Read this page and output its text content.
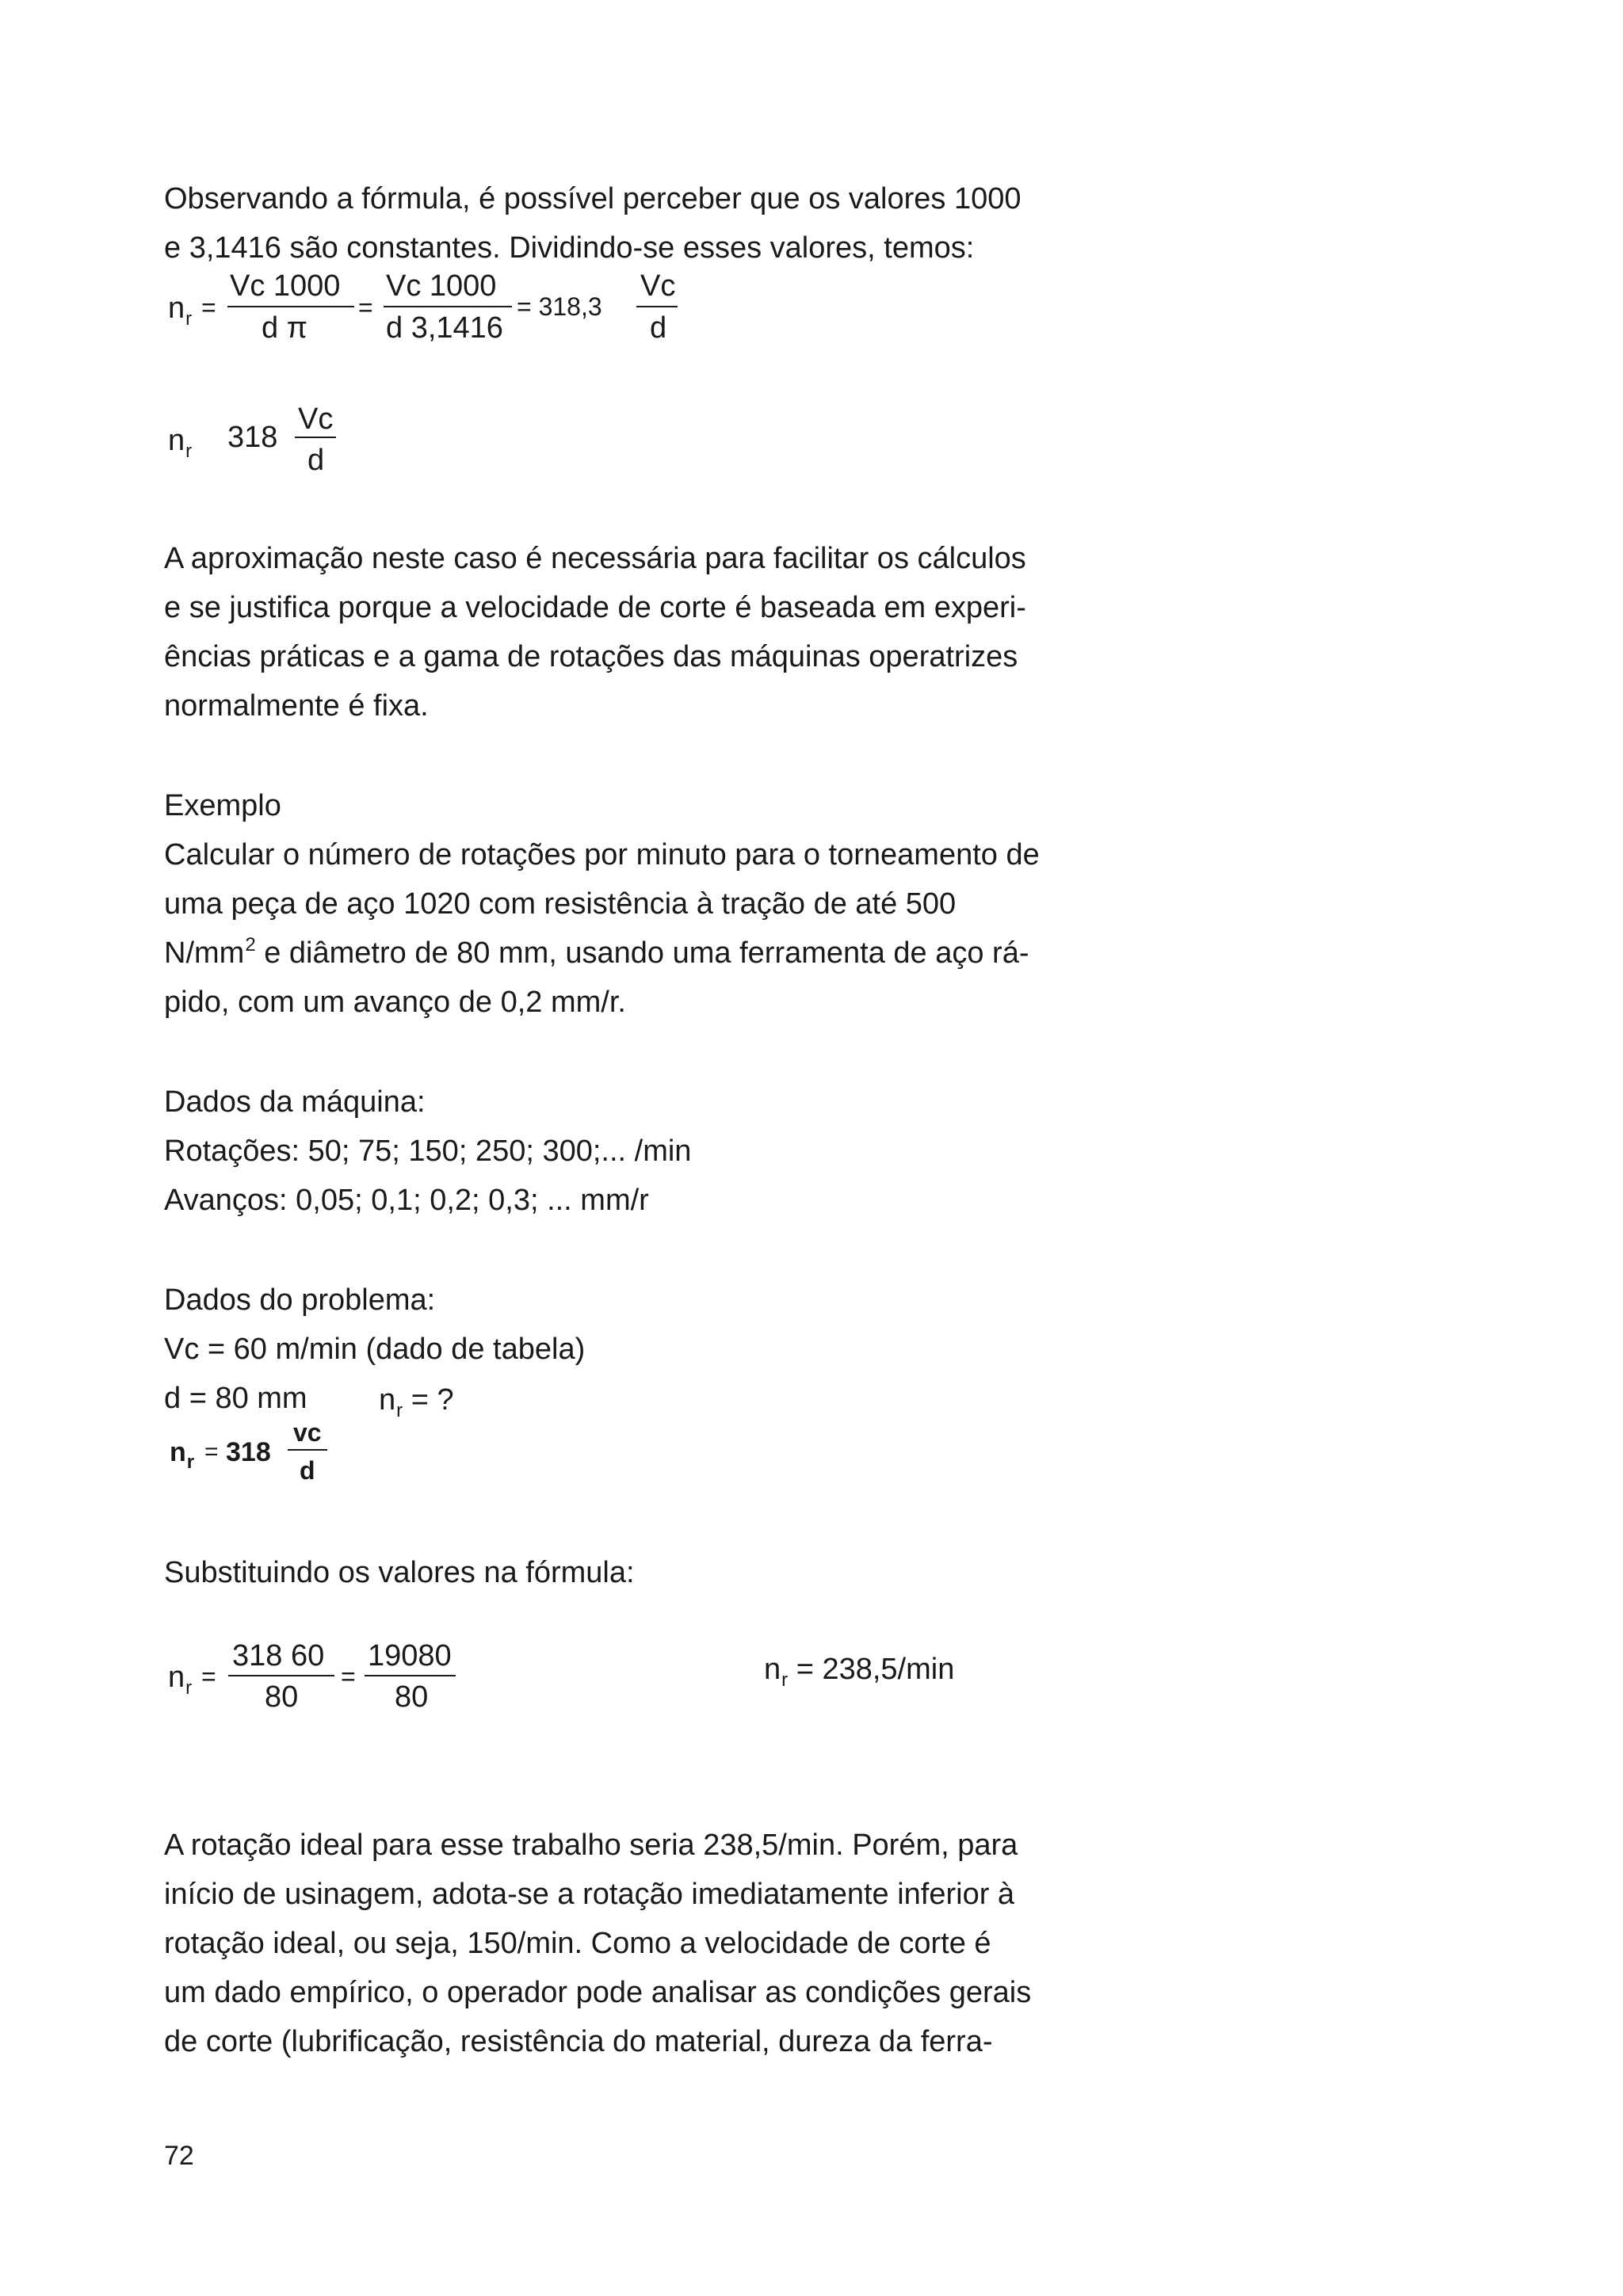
Observando a fórmula, é possível perceber que os valores 1000
e 3,1416 são constantes. Dividindo-se esses valores, temos:
$n_r$ =
Vc 1000
d π
=
Vc 1000
d 3,1416
= 318,3
Vc
d
$n_r$ 318
Vc
d
A aproximação neste caso é necessária para facilitar os cálculos
e se justifica porque a velocidade de corte é baseada em experi-
ências práticas e a gama de rotações das máquinas operatrizes
normalmente é fixa.
Exemplo
Calcular o número de rotações por minuto para o torneamento de
uma peça de aço 1020 com resistência à tração de até 500
$N/mm^2$ e diâmetro de 80 mm, usando uma ferramenta de aço rá-
pido, com um avanço de 0,2 mm/r.
Dados da máquina:
Rotações: 50; 75; 150; 250; 300;... /min
Avanços: 0,05; 0,1; 0,2; 0,3; ... mm/r
Dados do problema:
Vc = 60 m/min (dado de tabela)
d = 80 mm $n_r$ = ?
$n_r = 318$
vc
d
Substituindo os valores na fórmula:
$n_r$ =
318 60
80
=
19080
80
$n_r = 238,5/\min$
A rotação ideal para esse trabalho seria 238,5/min. Porém, para
início de usinagem, adota-se a rotação imediatamente inferior à
rotação ideal, ou seja, 150/min. Como a velocidade de corte é
um dado empírico, o operador pode analisar as condições gerais
de corte (lubrificação, resistência do material, dureza da ferra-
72
